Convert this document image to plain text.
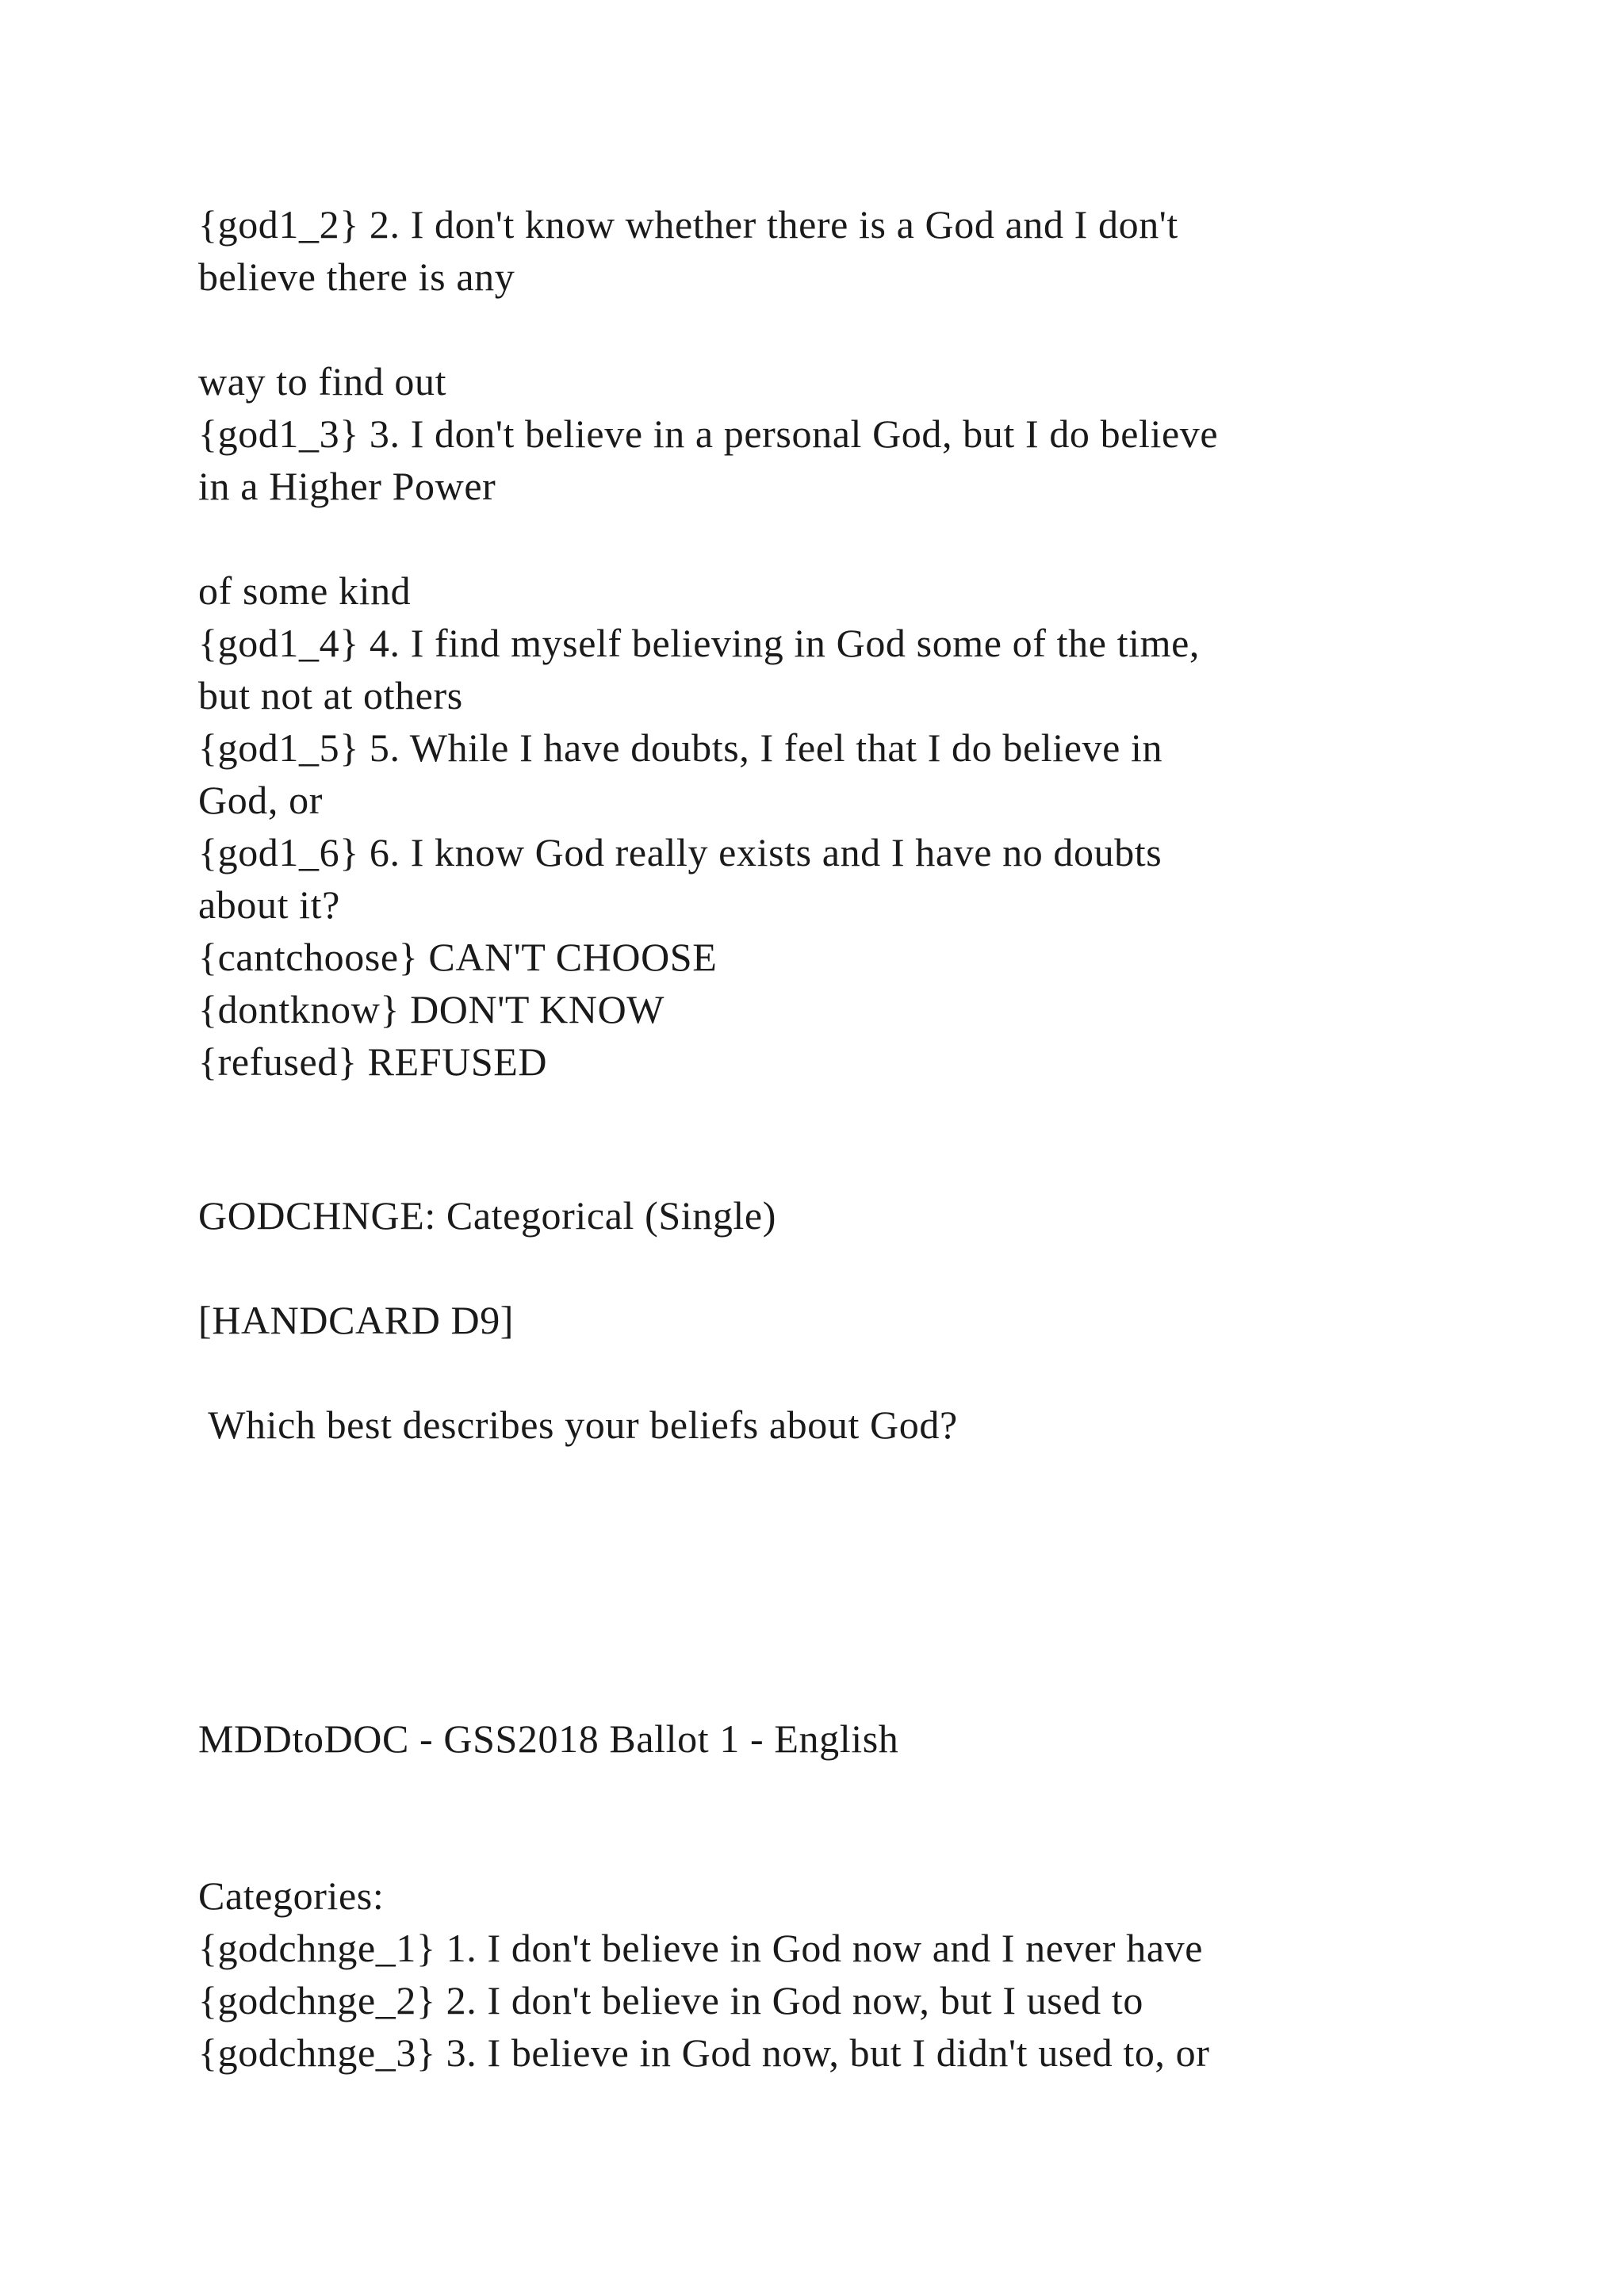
{god1_2} 2. I don't know whether there is a God and I don't
believe there is any
way to find out
{god1_3} 3. I don't believe in a personal God, but I do believe
in a Higher Power
of some kind
{god1_4} 4. I find myself believing in God some of the time,
but not at others
{god1_5} 5. While I have doubts, I feel that I do believe in
God, or
{god1_6} 6. I know God really exists and I have no doubts
about it?
{cantchoose} CAN'T CHOOSE
{dontknow} DON'T KNOW
{refused} REFUSED
GODCHNGE: Categorical (Single)
[HANDCARD D9]
Which best describes your beliefs about God?
MDDtoDOC - GSS2018 Ballot 1 - English
Categories:
{godchnge_1} 1. I don't believe in God now and I never have
{godchnge_2} 2. I don't believe in God now, but I used to
{godchnge_3} 3. I believe in God now, but I didn't used to, or
